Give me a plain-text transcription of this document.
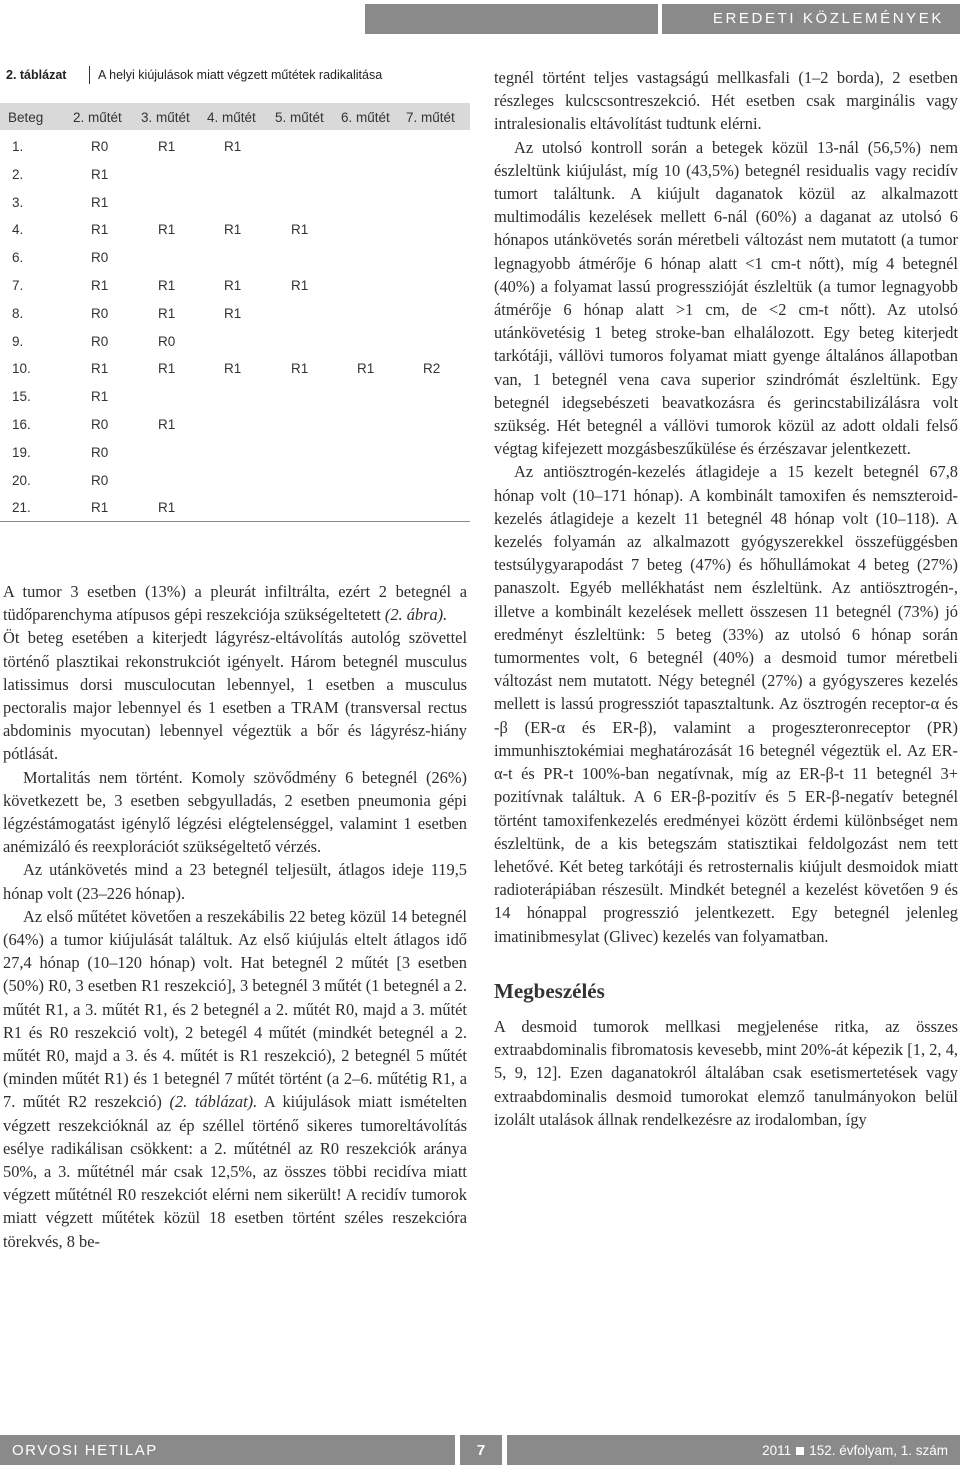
EREDETI KÖZLEMÉNYEK
2. táblázat	A helyi kiújulások miatt végzett műtétek radikalitása
Beteg 2. műtét 3. műtét 4. műtét 5. műtét 6. műtét 7. műtét
1.	R0	R1	R1
2.	R1
3.	R1
4.	R1	R1	R1	R1
6.	R0
7.	R1	R1	R1	R1
8.	R0	R1	R1
9.	R0	R0
10.	R1	R1	R1	R1	R1	R2
15.	R1
16.	R0	R1
19.	R0
20.	R0
21.	R1	R1

A tumor 3 esetben (13%) a pleurát infiltrálta, ezért 2 betegnél a tüdőparenchyma atípusos gépi reszekciója szükségeltetett (2. ábra).

Öt beteg esetében a kiterjedt lágyrész-eltávolítás autológ szövettel történő plasztikai rekonstrukciót igényelt. Három betegnél musculus latissimus dorsi musculocutan lebennyel, 1 esetben a musculus pectoralis major lebennyel és 1 esetben a TRAM (transversal rectus abdominis myocutan) lebennyel végeztük a bőr és lágyrész-hiány pótlását.

Mortalitás nem történt. Komoly szövődmény 6 betegnél (26%) következett be, 3 esetben sebgyulladás, 2 esetben pneumonia gépi légzéstámogatást igénylő légzési elégtelenséggel, valamint 1 esetben anémizáló és reexplorációt szükségeltető vérzés.

Az utánkövetés mind a 23 betegnél teljesült, átlagos ideje 119,5 hónap volt (23–226 hónap).

Az első műtétet követően a reszekábilis 22 beteg közül 14 betegnél (64%) a tumor kiújulását találtuk. Az első kiújulás eltelt átlagos idő 27,4 hónap (10–120 hónap) volt. Hat betegnél 2 műtét [3 esetben (50%) R0, 3 esetben R1 reszekció], 3 betegnél 3 műtét (1 betegnél a 2. műtét R1, a 3. műtét R1, és 2 betegnél a 2. műtét R0, majd a 3. műtét R1 és R0 reszekció volt), 2 betegél 4 műtét (mindkét betegnél a 2. műtét R0, majd a 3. és 4. műtét is R1 reszekció), 2 betegnél 5 műtét (minden műtét R1) és 1 betegnél 7 műtét történt (a 2–6. műtétig R1, a 7. műtét R2 reszekció) (2. táblázat). A kiújulások miatt ismételten végzett reszekcióknál az ép széllel történő sikeres tumoreltávolítás esélye radikálisan csökkent: a 2. műtétnél az R0 reszekciók aránya 50%, a 3. műtétnél már csak 12,5%, az összes többi recidíva miatt végzett műtétnél R0 reszekciót elérni nem sikerült! A recidív tumorok miatt végzett műtétek közül 18 esetben történt széles reszekcióra törekvés, 8 be-

tegnél történt teljes vastagságú mellkasfali (1–2 borda), 2 esetben részleges kulcscsontreszekció. Hét esetben csak marginális vagy intralesionalis eltávolítást tudtunk elérni.

Az utolsó kontroll során a betegek közül 13-nál (56,5%) nem észleltünk kiújulást, míg 10 (43,5%) betegnél residualis vagy recidív tumort találtunk. A kiújult daganatok közül az alkalmazott multimodális kezelések mellett 6-nál (60%) a daganat az utolsó 6 hónapos utánkövetés során méretbeli változást nem mutatott (a tumor legnagyobb átmérője 6 hónap alatt <1 cm-t nőtt), míg 4 betegnél (40%) a folyamat lassú progresszióját észleltük (a tumor legnagyobb átmérője 6 hónap alatt >1 cm, de <2 cm-t nőtt). Az utolsó utánkövetésig 1 beteg stroke-ban elhalálozott. Egy beteg kiterjedt tarkótáji, vállövi tumoros folyamat miatt gyenge általános állapotban van, 1 betegnél vena cava superior szindrómát észleltünk. Egy betegnél idegsebészeti beavatkozásra és gerincstabilizálásra volt szükség. Hét betegnél a vállövi tumorok közül az adott oldali felső végtag kifejezett mozgásbeszűkülése és érzészavar jelentkezett.

Az antiösztrogén-kezelés átlagideje a 15 kezelt betegnél 67,8 hónap volt (10–171 hónap). A kombinált tamoxifen és nemszteroid-kezelés átlagideje a kezelt 11 betegnél 48 hónap volt (10–118). A kezelés folyamán az alkalmazott gyógyszerekkel összefüggésben testsúlygyarapodást 7 beteg (47%) és hőhullámokat 4 beteg (27%) panaszolt. Egyéb mellékhatást nem észleltünk. Az antiösztrogén-, illetve a kombinált kezelések mellett összesen 11 betegnél (73%) jó eredményt észleltünk: 5 beteg (33%) az utolsó 6 hónap során tumormentes volt, 6 betegnél (40%) a desmoid tumor méretbeli változást nem mutatott. Négy betegnél (27%) a gyógyszeres kezelés mellett is lassú progressziót tapasztaltunk. Az ösztrogén receptor-α és -β (ER-α és ER-β), valamint a progeszteronreceptor (PR) immunhisztokémiai meghatározását 16 betegnél végeztük el. Az ER-α-t és PR-t 100%-ban negatívnak, míg az ER-β-t 11 betegnél 3+ pozitívnak találtuk. A 6 ER-β-pozitív és 5 ER-β-negatív betegnél történt tamoxifenkezelés eredményei között érdemi különbséget nem észleltünk, de a kis betegszám statisztikai feldolgozást nem tett lehetővé. Két beteg tarkótáji és retrosternalis kiújult desmoidok miatt radioterápiában részesült. Mindkét betegnél a kezelést követően 9 és 14 hónappal progresszió jelentkezett. Egy betegnél jelenleg imatinibmesylat (Glivec) kezelés van folyamatban.

Megbeszélés

A desmoid tumorok mellkasi megjelenése ritka, az összes extraabdominalis fibromatosis kevesebb, mint 20%-át képezik [1, 2, 4, 5, 9, 12]. Ezen daganatokról általában csak esetismertetések vagy extraabdominalis desmoid tumorokat elemző tanulmányokon belül izolált utalások állnak rendelkezésre az irodalomban, így

ORVOSI HETILAP	7	2011 152. évfolyam, 1. szám
